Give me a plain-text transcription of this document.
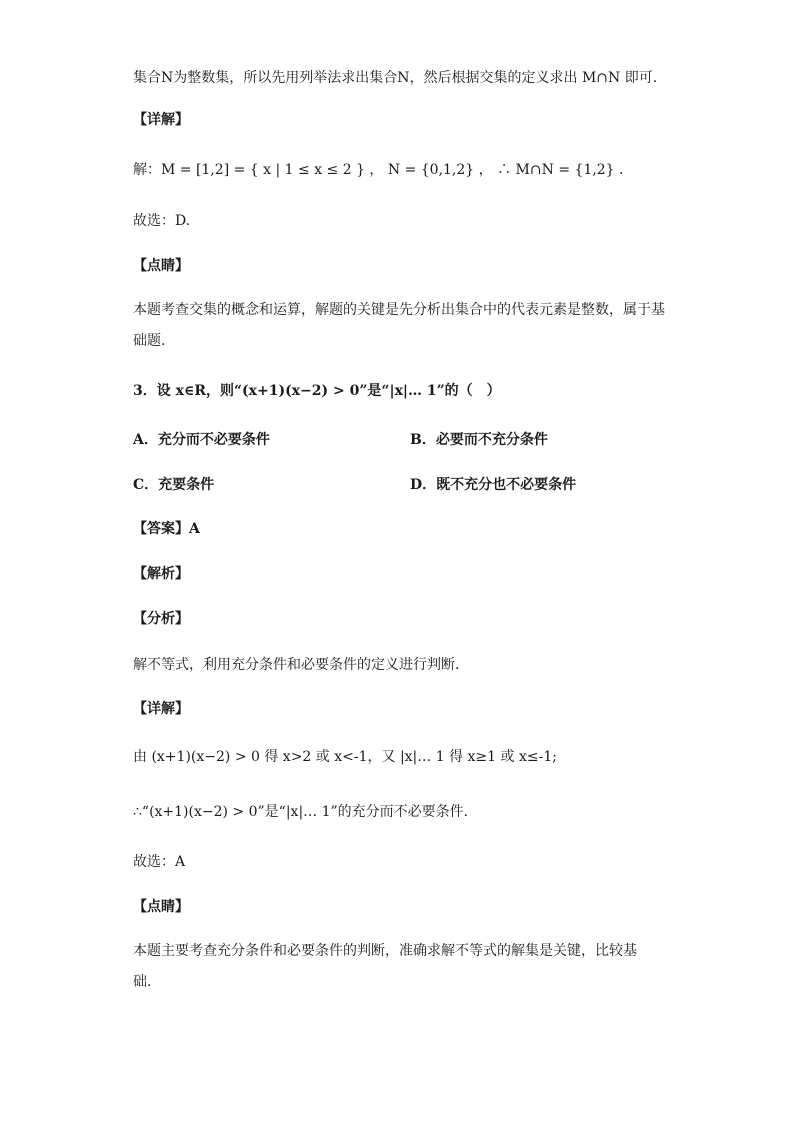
集合N为整数集，所以先用列举法求出集合N，然后根据交集的定义求出 M∩N 即可.
【详解】
解：M = [1,2] = { x | 1 ≤ x ≤ 2 } ， N = {0,1,2} ， ∴ M∩N = {1,2} .
故选：D.
【点睛】
本题考查交集的概念和运算，解题的关键是先分析出集合中的代表元素是整数，属于基
础题.
3．设 x∈R，则“(x+1)(x−2) > 0”是“|x|… 1”的（　）
A．充分而不必要条件	B．必要而不充分条件
C．充要条件	D．既不充分也不必要条件
【答案】A
【解析】
【分析】
解不等式，利用充分条件和必要条件的定义进行判断．
【详解】
由 (x+1)(x−2) > 0 得 x>2 或 x<-1，又 |x|… 1 得 x≥1 或 x≤-1;
∴“(x+1)(x−2) > 0”是“|x|… 1”的充分而不必要条件．
故选：A
【点睛】
本题主要考查充分条件和必要条件的判断，准确求解不等式的解集是关键，比较基
础．
